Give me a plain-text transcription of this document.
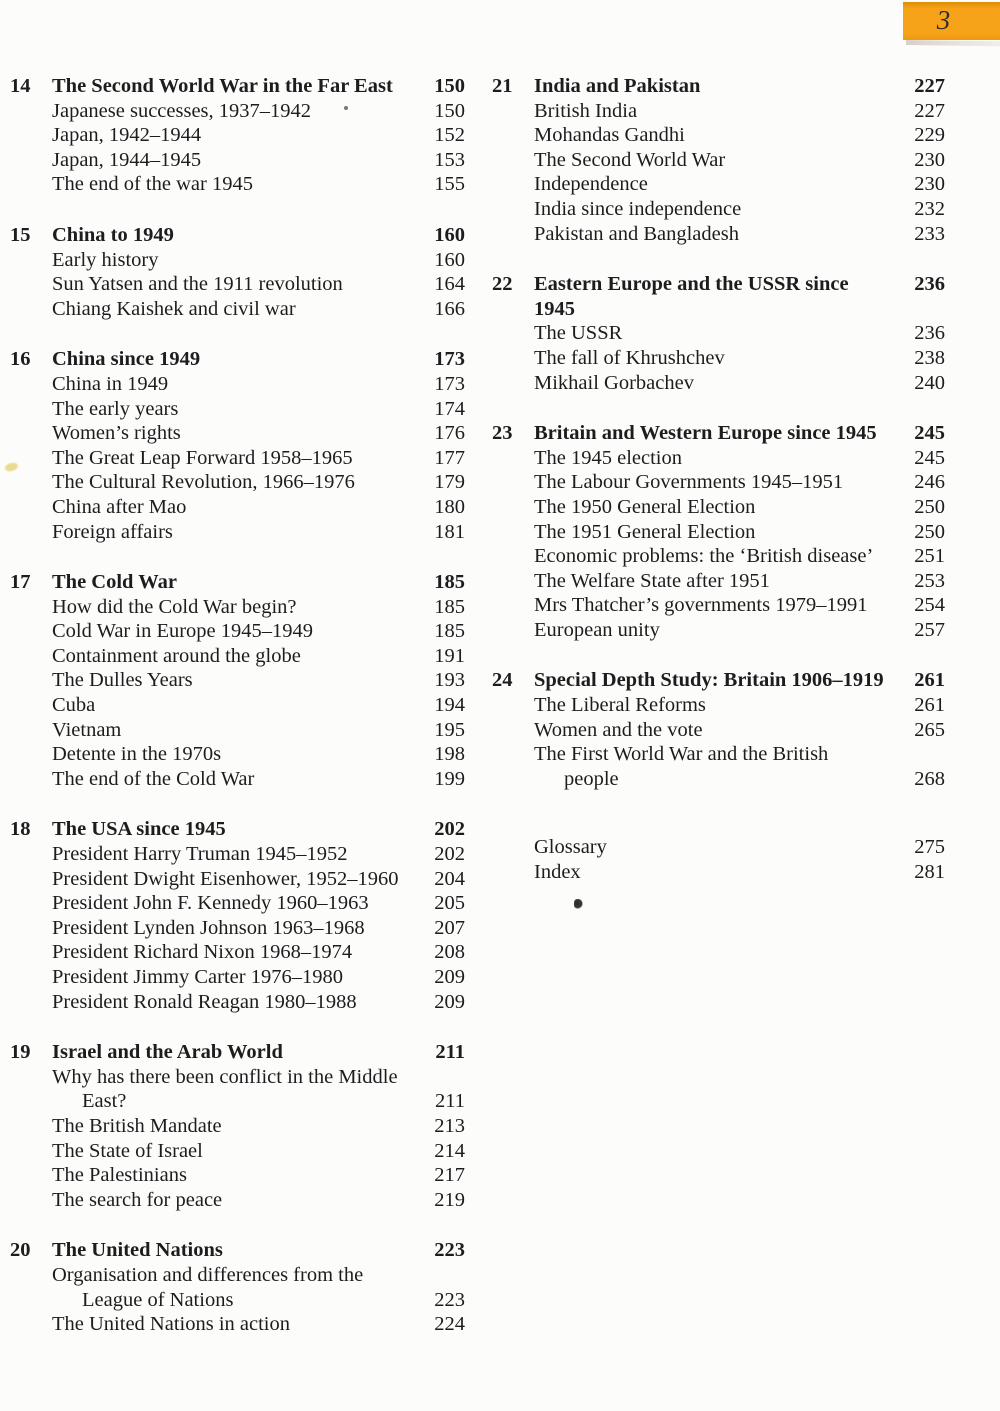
3
14	The Second World War in the Far East	150
Japanese successes, 1937–1942	150
Japan, 1942–1944	152
Japan, 1944–1945	153
The end of the war 1945	155
15	China to 1949	160
Early history	160
Sun Yatsen and the 1911 revolution	164
Chiang Kaishek and civil war	166
16	China since 1949	173
China in 1949	173
The early years	174
Women’s rights	176
The Great Leap Forward 1958–1965	177
The Cultural Revolution, 1966–1976	179
China after Mao	180
Foreign affairs	181
17	The Cold War	185
How did the Cold War begin?	185
Cold War in Europe 1945–1949	185
Containment around the globe	191
The Dulles Years	193
Cuba	194
Vietnam	195
Detente in the 1970s	198
The end of the Cold War	199
18	The USA since 1945	202
President Harry Truman 1945–1952	202
President Dwight Eisenhower, 1952–1960	204
President John F. Kennedy 1960–1963	205
President Lynden Johnson 1963–1968	207
President Richard Nixon 1968–1974	208
President Jimmy Carter 1976–1980	209
President Ronald Reagan 1980–1988	209
19	Israel and the Arab World	211
Why has there been conflict in the Middle
East?	211
The British Mandate	213
The State of Israel	214
The Palestinians	217
The search for peace	219
20	The United Nations	223
Organisation and differences from the
League of Nations	223
The United Nations in action	224
21	India and Pakistan	227
British India	227
Mohandas Gandhi	229
The Second World War	230
Independence	230
India since independence	232
Pakistan and Bangladesh	233
22	Eastern Europe and the USSR since 1945
236
The USSR	236
The fall of Khrushchev	238
Mikhail Gorbachev	240
23	Britain and Western Europe since 1945	245
The 1945 election	245
The Labour Governments 1945–1951	246
The 1950 General Election	250
The 1951 General Election	250
Economic problems: the ‘British disease’	251
The Welfare State after 1951	253
Mrs Thatcher’s governments 1979–1991	254
European unity	257
24	Special Depth Study: Britain 1906–1919	261
The Liberal Reforms	261
Women and the vote	265
The First World War and the British
people	268
Glossary	275
Index	281
